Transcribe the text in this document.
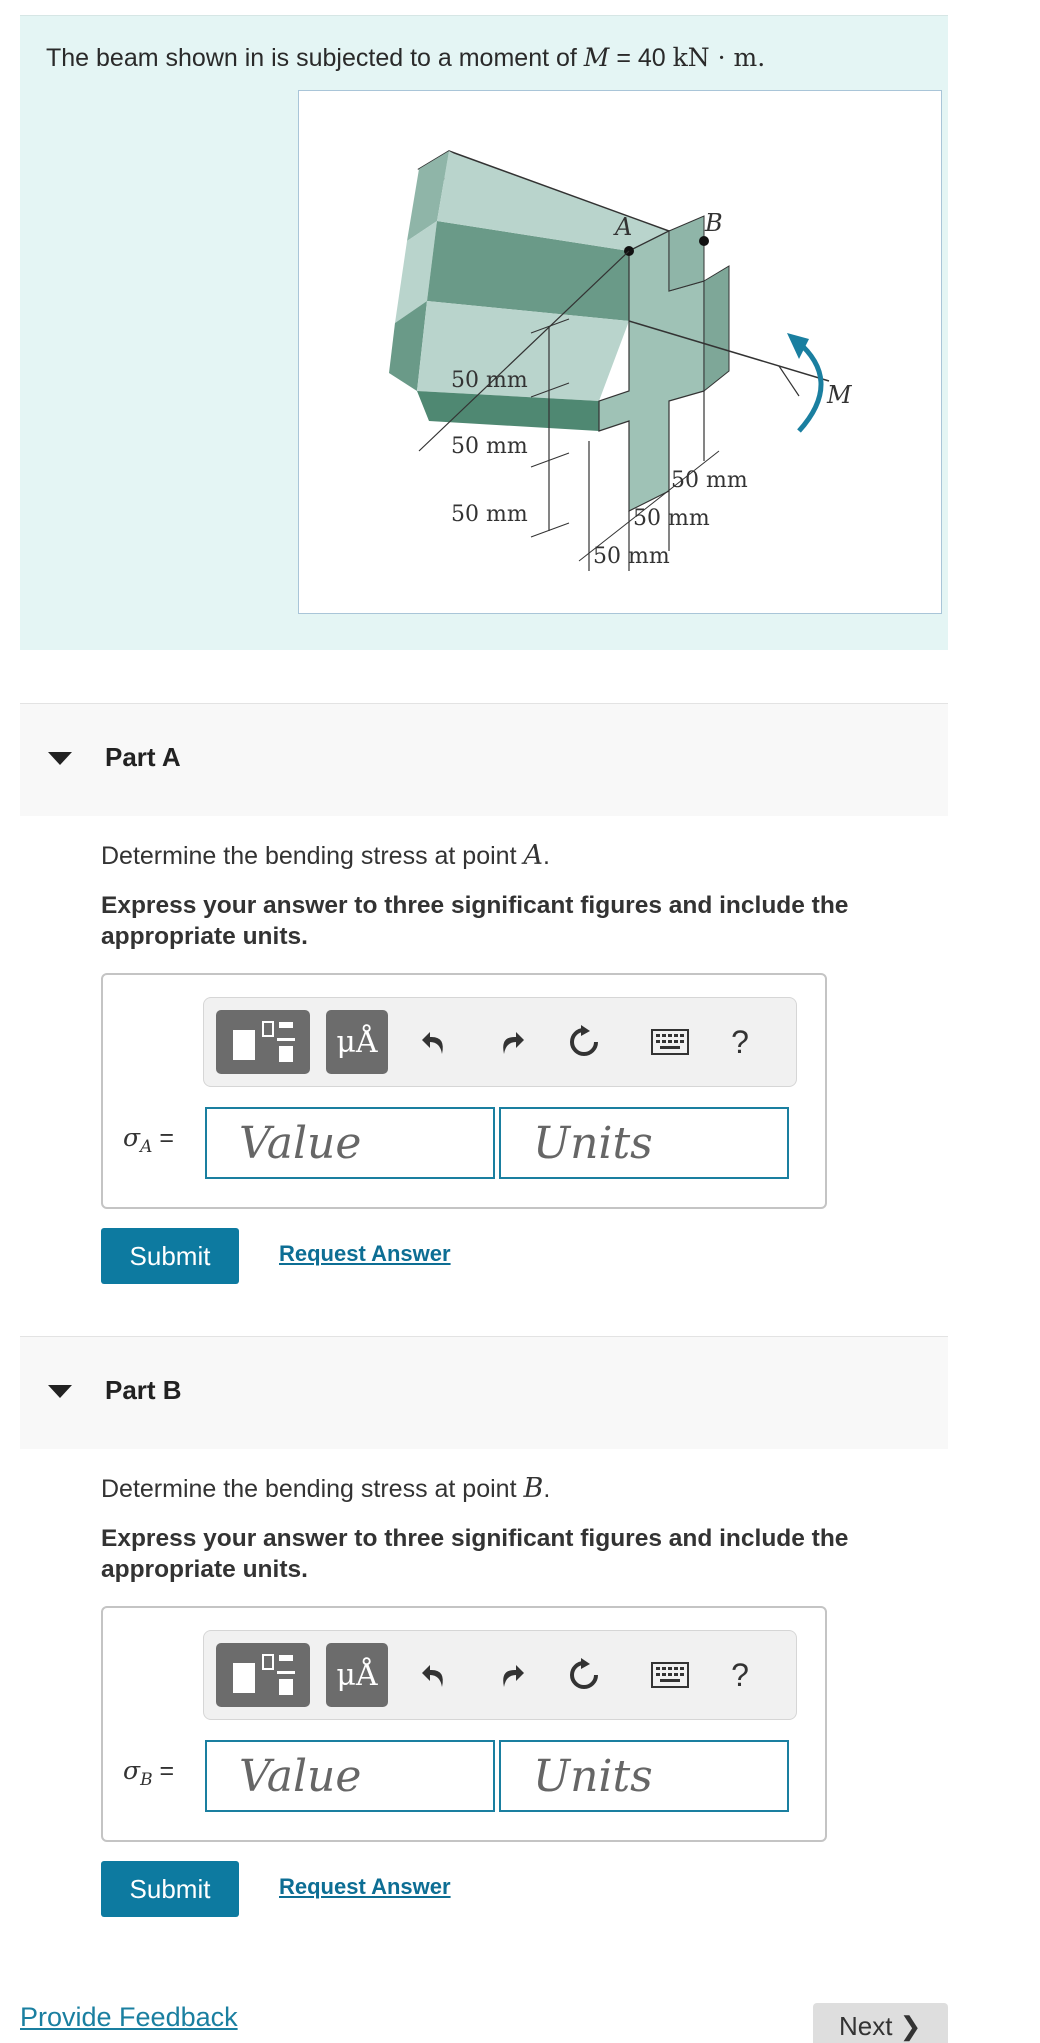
The beam shown in is subjected to a moment of M = 40 kN · m.
A	B
M
50 mm
50 mm
50 mm
50 mm
50 mm
50 mm
Part A
Determine the bending stress at point A.
Express your answer to three significant figures and include the appropriate units.
μÅ	?
$\sigma_A$ =
Value
Units
Submit	Request Answer
Part B
Determine the bending stress at point B.
Express your answer to three significant figures and include the appropriate units.
μÅ	?
$\sigma_B$ =
Value
Units
Submit	Request Answer
Provide Feedback	Next ❯
